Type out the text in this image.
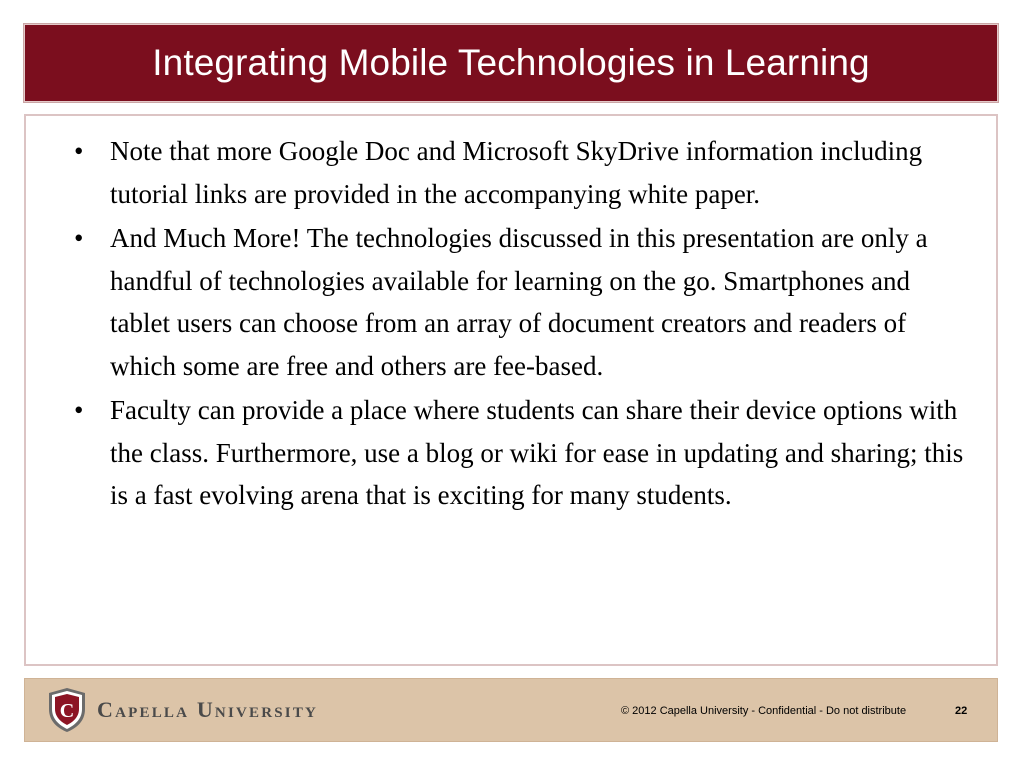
Integrating Mobile Technologies in Learning
• Note that more Google Doc and Microsoft SkyDrive information including tutorial links are provided in the accompanying white paper.
• And Much More! The technologies discussed in this presentation are only a handful of technologies available for learning on the go. Smartphones and tablet users can choose from an array of document creators and readers of which some are free and others are fee-based.
• Faculty can provide a place where students can share their device options with the class. Furthermore, use a blog or wiki for ease in updating and sharing; this is a fast evolving arena that is exciting for many students.
C Capella University	© 2012 Capella University - Confidential - Do not distribute	22
